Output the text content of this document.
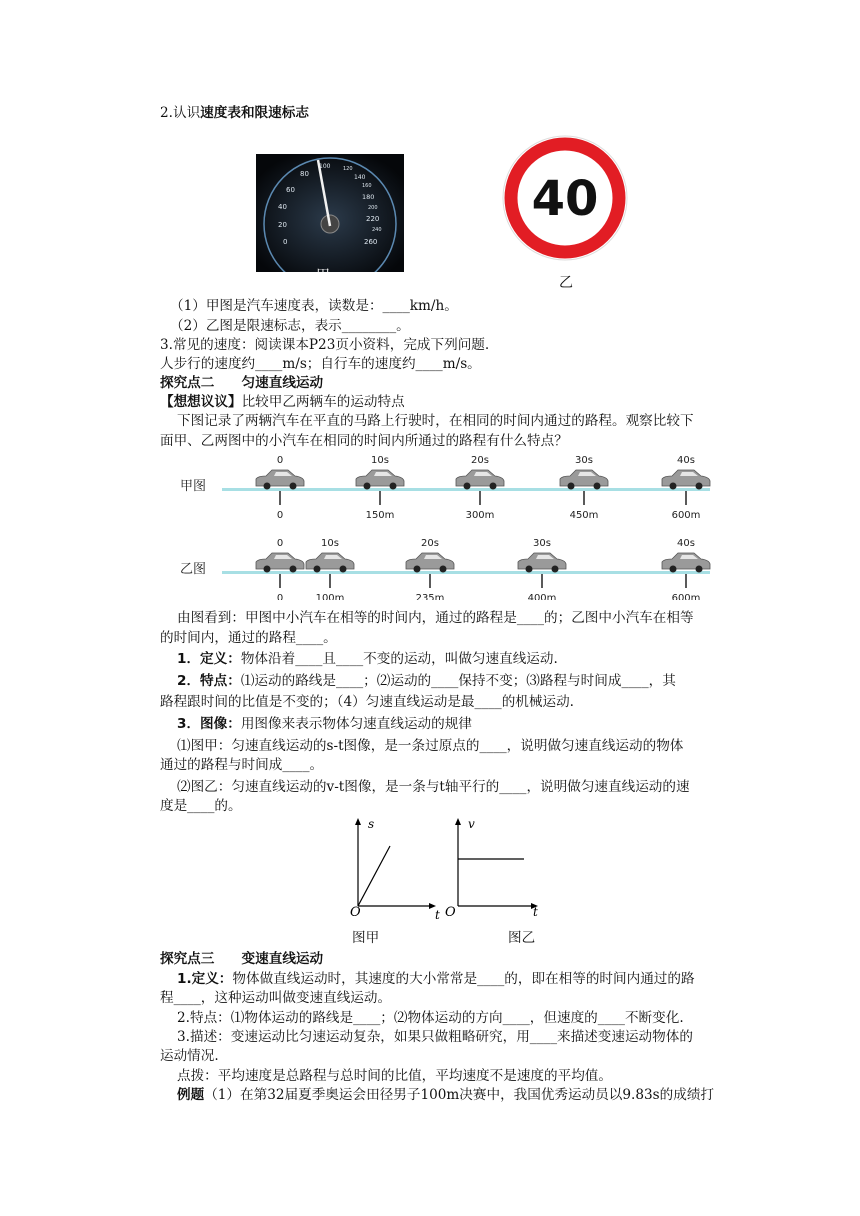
2.认识速度表和限速标志
0
20
40
60
80
100	120
140
160
180
200
220
240
260
甲
40
乙
（1）甲图是汽车速度表，读数是：____km/h。
（2）乙图是限速标志，表示________。
3.常见的速度：阅读课本P23页小资料，完成下列问题.
人步行的速度约____m/s；自行车的速度约____m/s。
探究点二　　匀速直线运动
【想想议议】比较甲乙两辆车的运动特点
下图记录了两辆汽车在平直的马路上行驶时，在相同的时间内通过的路程。观察比较下
面甲、乙两图中的小汽车在相同的时间内所通过的路程有什么特点？
甲图
乙图
0
0
10s
150m
20s
300m
30s
450m
40s
600m
0
0
10s
100m
20s
235m
30s
400m
40s
600m
由图看到：甲图中小汽车在相等的时间内，通过的路程是____的；乙图中小汽车在相等
的时间内，通过的路程____。
1．定义：物体沿着____且____不变的运动，叫做匀速直线运动.
2．特点：⑴运动的路线是____；⑵运动的____保持不变；⑶路程与时间成____，其
路程跟时间的比值是不变的；（4）匀速直线运动是最____的机械运动.
3．图像：用图像来表示物体匀速直线运动的规律
⑴图甲：匀速直线运动的s-t图像，是一条过原点的____，说明做匀速直线运动的物体
通过的路程与时间成____。
⑵图乙：匀速直线运动的v-t图像，是一条与t轴平行的____，说明做匀速直线运动的速
度是____的。
s
O	t
v
O	t
图甲	图乙
探究点三　　变速直线运动
1.定义：物体做直线运动时，其速度的大小常常是____的，即在相等的时间内通过的路
程____，这种运动叫做变速直线运动。
2.特点：⑴物体运动的路线是____；⑵物体运动的方向____，但速度的____不断变化.
3.描述：变速运动比匀速运动复杂，如果只做粗略研究，用____来描述变速运动物体的
运动情况.
点拨：平均速度是总路程与总时间的比值，平均速度不是速度的平均值。
例题（1）在第32届夏季奥运会田径男子100m决赛中，我国优秀运动员以9.83s的成绩打
